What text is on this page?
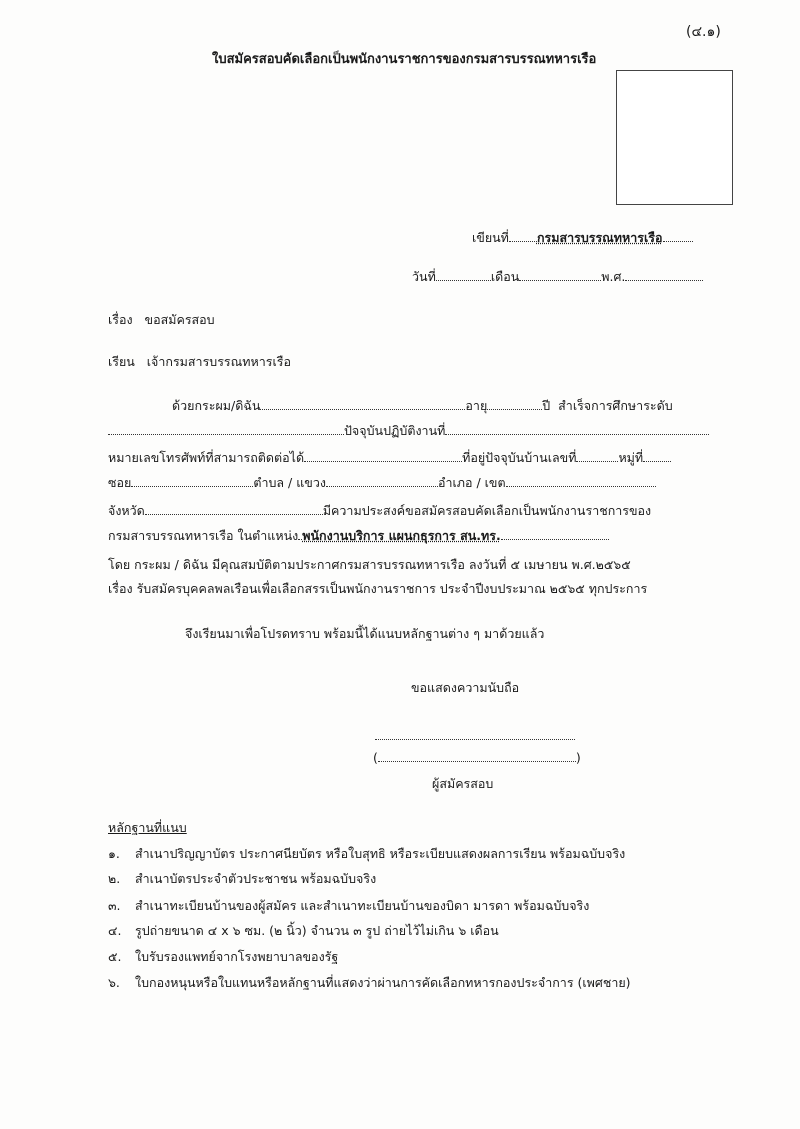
(๔.๑)
ใบสมัครสอบคัดเลือกเป็นพนักงานราชการของกรมสารบรรณทหารเรือ
เขียนที่ กรมสารบรรณทหารเรือ
วันที่	เดือน	พ.ศ.
เรื่อง ขอสมัครสอบ
เรียน เจ้ากรมสารบรรณทหารเรือ
ด้วยกระผม/ดิฉัน	อายุ	ปี สำเร็จการศึกษาระดับ
ปัจจุบันปฏิบัติงานที่
หมายเลขโทรศัพท์ที่สามารถติดต่อได้	ที่อยู่ปัจจุบันบ้านเลขที่	หมู่ที่
ซอย	ตำบล / แขวง	อำเภอ / เขต
จังหวัด	มีความประสงค์ขอสมัครสอบคัดเลือกเป็นพนักงานราชการของ
กรมสารบรรณทหารเรือ ในตำแหน่ง พนักงานบริการ แผนกธุรการ สน.ทร.
โดย กระผม / ดิฉัน มีคุณสมบัติตามประกาศกรมสารบรรณทหารเรือ ลงวันที่ ๕ เมษายน พ.ศ.๒๕๖๕
เรื่อง รับสมัครบุคคลพลเรือนเพื่อเลือกสรรเป็นพนักงานราชการ ประจำปีงบประมาณ ๒๕๖๕ ทุกประการ
จึงเรียนมาเพื่อโปรดทราบ พร้อมนี้ได้แนบหลักฐานต่าง ๆ มาด้วยแล้ว
ขอแสดงความนับถือ
(	)
ผู้สมัครสอบ
หลักฐานที่แนบ
๑. สำเนาปริญญาบัตร ประกาศนียบัตร หรือใบสุทธิ หรือระเบียบแสดงผลการเรียน พร้อมฉบับจริง
๒. สำเนาบัตรประจำตัวประชาชน พร้อมฉบับจริง
๓. สำเนาทะเบียนบ้านของผู้สมัคร และสำเนาทะเบียนบ้านของบิดา มารดา พร้อมฉบับจริง
๔. รูปถ่ายขนาด ๔ x ๖ ซม. (๒ นิ้ว) จำนวน ๓ รูป ถ่ายไว้ไม่เกิน ๖ เดือน
๕. ใบรับรองแพทย์จากโรงพยาบาลของรัฐ
๖. ใบกองหนุนหรือใบแทนหรือหลักฐานที่แสดงว่าผ่านการคัดเลือกทหารกองประจำการ (เพศชาย)
